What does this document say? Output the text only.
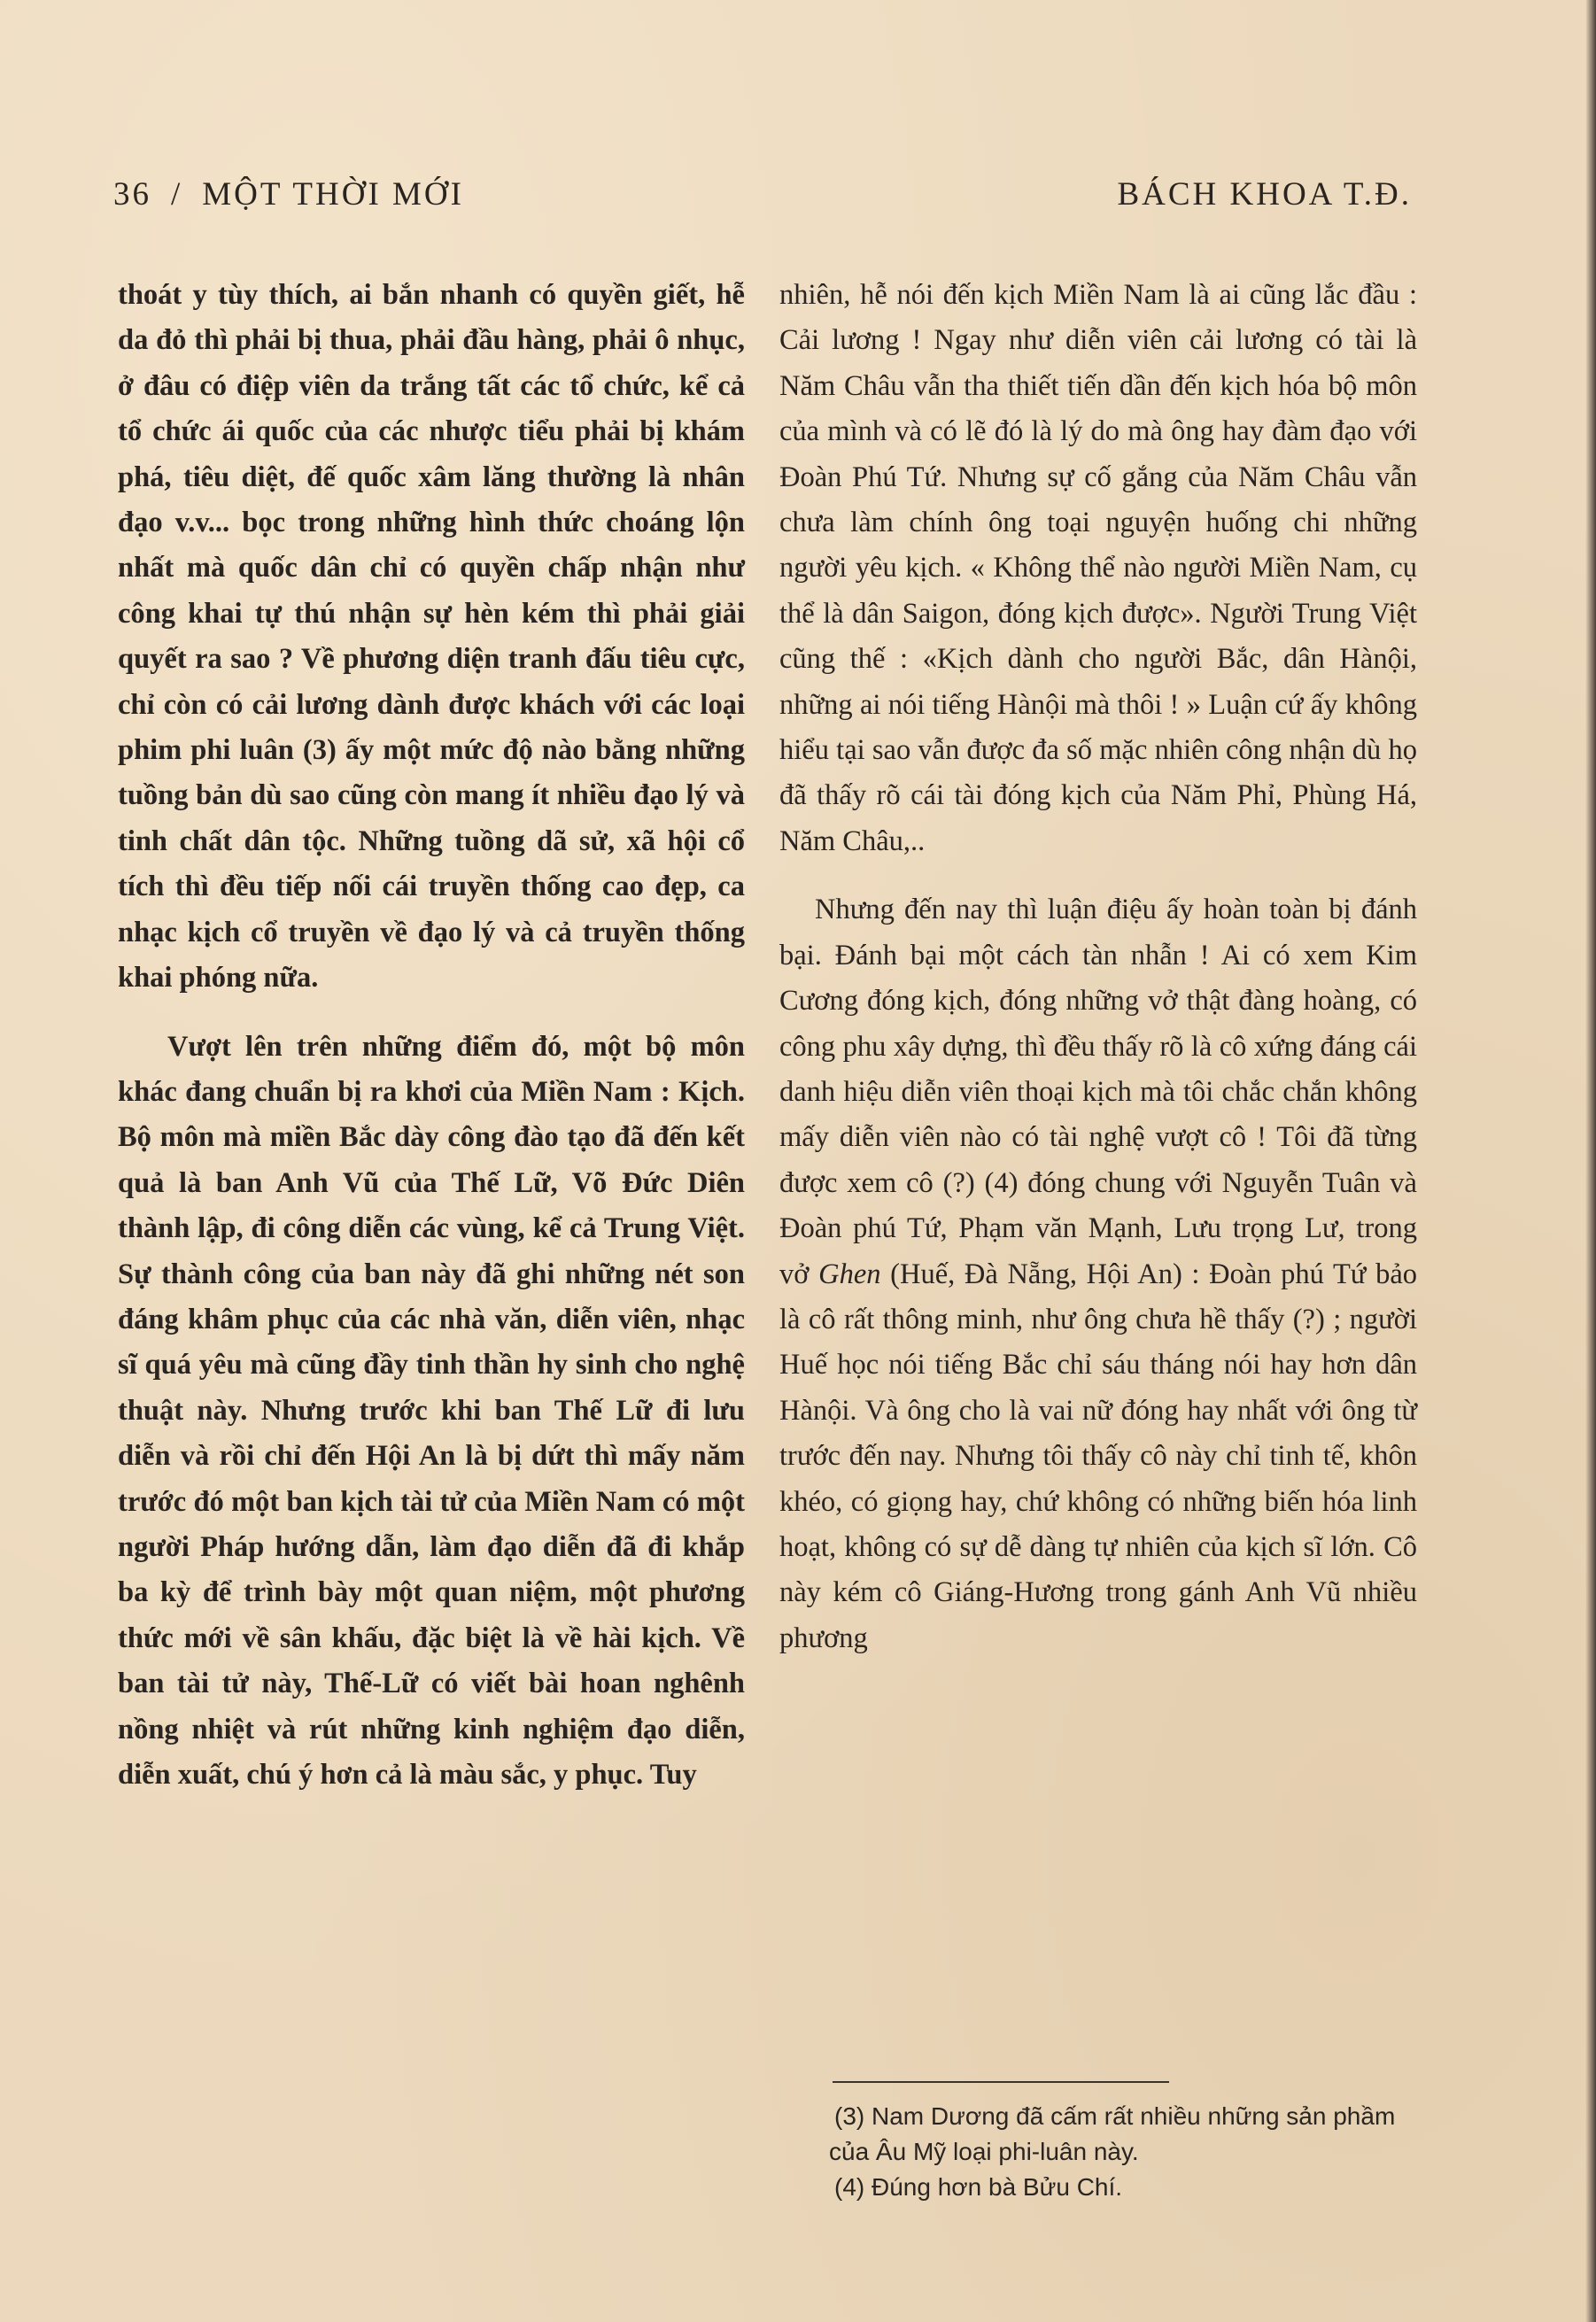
36 / MỘT THỜI MỚI	BÁCH KHOA T.Đ.

thoát y tùy thích, ai bắn nhanh có quyền giết, hễ da đỏ thì phải bị thua, phải đầu hàng, phải ô nhục, ở đâu có điệp viên da trắng tất các tổ chức, kể cả tổ chức ái quốc của các nhược tiểu phải bị khám phá, tiêu diệt, đế quốc xâm lăng thường là nhân đạo v.v... bọc trong những hình thức choáng lộn nhất mà quốc dân chỉ có quyền chấp nhận như công khai tự thú nhận sự hèn kém thì phải giải quyết ra sao ? Về phương diện tranh đấu tiêu cực, chỉ còn có cải lương dành được khách với các loại phim phi luân (3) ấy một mức độ nào bằng những tuồng bản dù sao cũng còn mang ít nhiều đạo lý và tinh chất dân tộc. Những tuồng dã sử, xã hội cổ tích thì đều tiếp nối cái truyền thống cao đẹp, ca nhạc kịch cổ truyền về đạo lý và cả truyền thống khai phóng nữa.

Vượt lên trên những điểm đó, một bộ môn khác đang chuẩn bị ra khơi của Miền Nam : Kịch. Bộ môn mà miền Bắc dày công đào tạo đã đến kết quả là ban Anh Vũ của Thế Lữ, Võ Đức Diên thành lập, đi công diễn các vùng, kể cả Trung Việt. Sự thành công của ban này đã ghi những nét son đáng khâm phục của các nhà văn, diễn viên, nhạc sĩ quá yêu mà cũng đầy tinh thần hy sinh cho nghệ thuật này. Nhưng trước khi ban Thế Lữ đi lưu diễn và rồi chỉ đến Hội An là bị dứt thì mấy năm trước đó một ban kịch tài tử của Miền Nam có một người Pháp hướng dẫn, làm đạo diễn đã đi khắp ba kỳ để trình bày một quan niệm, một phương thức mới về sân khấu, đặc biệt là về hài kịch. Về ban tài tử này, Thế-Lữ có viết bài hoan nghênh nồng nhiệt và rút những kinh nghiệm đạo diễn, diễn xuất, chú ý hơn cả là màu sắc, y phục. Tuy

nhiên, hễ nói đến kịch Miền Nam là ai cũng lắc đầu : Cải lương ! Ngay như diễn viên cải lương có tài là Năm Châu vẫn tha thiết tiến dần đến kịch hóa bộ môn của mình và có lẽ đó là lý do mà ông hay đàm đạo với Đoàn Phú Tứ. Nhưng sự cố gắng của Năm Châu vẫn chưa làm chính ông toại nguyện huống chi những người yêu kịch. « Không thể nào người Miền Nam, cụ thể là dân Saigon, đóng kịch được». Người Trung Việt cũng thế : «Kịch dành cho người Bắc, dân Hànội, những ai nói tiếng Hànội mà thôi ! » Luận cứ ấy không hiểu tại sao vẫn được đa số mặc nhiên công nhận dù họ đã thấy rõ cái tài đóng kịch của Năm Phỉ, Phùng Há, Năm Châu,..

Nhưng đến nay thì luận điệu ấy hoàn toàn bị đánh bại. Đánh bại một cách tàn nhẫn ! Ai có xem Kim Cương đóng kịch, đóng những vở thật đàng hoàng, có công phu xây dựng, thì đều thấy rõ là cô xứng đáng cái danh hiệu diễn viên thoại kịch mà tôi chắc chắn không mấy diễn viên nào có tài nghệ vượt cô ! Tôi đã từng được xem cô (?) (4) đóng chung với Nguyễn Tuân và Đoàn phú Tứ, Phạm văn Mạnh, Lưu trọng Lư, trong vở Ghen (Huế, Đà Nẵng, Hội An) : Đoàn phú Tứ bảo là cô rất thông minh, như ông chưa hề thấy (?) ; người Huế học nói tiếng Bắc chỉ sáu tháng nói hay hơn dân Hànội. Và ông cho là vai nữ đóng hay nhất với ông từ trước đến nay. Nhưng tôi thấy cô này chỉ tinh tế, khôn khéo, có giọng hay, chứ không có những biến hóa linh hoạt, không có sự dễ dàng tự nhiên của kịch sĩ lớn. Cô này kém cô Giáng-Hương trong gánh Anh Vũ nhiều phương

(3) Nam Dương đã cấm rất nhiều những sản phầm của Âu Mỹ loại phi-luân này.
(4) Đúng hơn bà Bửu Chí.
